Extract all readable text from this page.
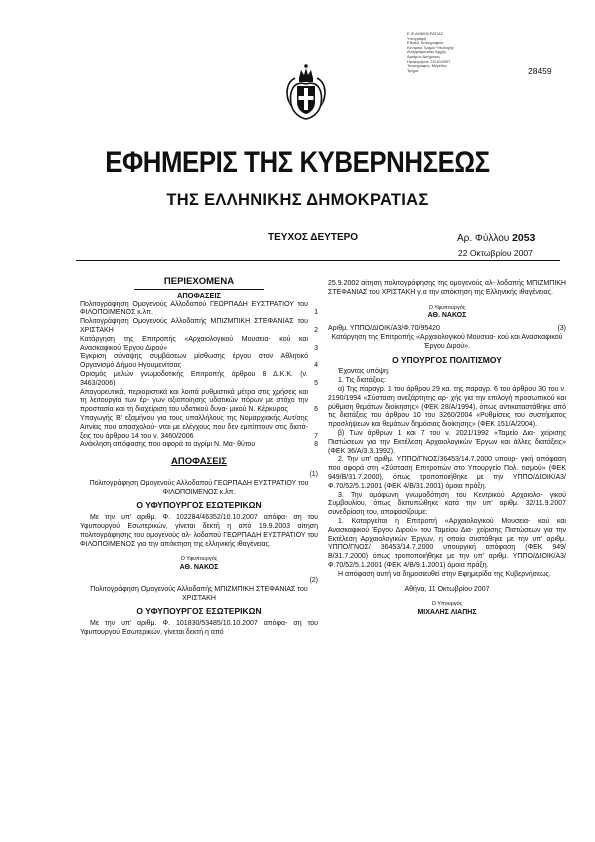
Ε.Φ.ΔΗΜΟΚΡΑΤΙΑΣ
Υπογραφή
Εθνικό Τυπογραφείο
Κεντρικό Τμήμα Υποδοχής
Αναγράφουσας Αρχής
Αριθμός Αιτήματος
Ημερομηνία: 22/10/2007
Τυπογράφος: Μέγεθος
Τμήμα	28459
ΕΦΗΜΕΡΙΣ ΤΗΣ ΚΥΒΕΡΝΗΣΕΩΣ
ΤΗΣ ΕΛΛΗΝΙΚΗΣ ΔΗΜΟΚΡΑΤΙΑΣ
ΤΕΥΧΟΣ ΔΕΥΤΕΡΟ	Αρ. Φύλλου 2053
22 Οκτωβρίου 2007
ΠΕΡΙΕΧΟΜΕΝΑ
ΑΠΟΦΑΣΕΙΣ
Πολιτογράφηση Ομογενούς Αλλοδαπού ΓΕΩΡΠΑΔΗ ΕΥΣΤΡΑΤΙΟΥ του ΦΙΛΟΠΟΙΜΕΝΟΣ κ.λπ.	1
Πολιτογράφηση Ομογενούς Αλλοδαπής ΜΠΙΖΜΠΙΚΗ ΣΤΕΦΑΝΙΑΣ του ΧΡΙΣΤΑΚΗ	2
Κατάργηση της Επιτροπής «Αρχαιολογικού Μουσεια- κού και Ανασκαφικού Έργου Διρού»	3
Έγκριση σύναψης συμβάσεων μίσθωσης έργου στον Αθλητικό Οργανισμό Δήμου Ηγουμενίτσας	4
Ορισμός μελών γνωμοδοτικής Επιτροπής άρθρου 8 Δ.Κ.Κ. (ν. 3463/2006)	5
Απαγορευτικά, περιοριστικά και λοιπά ρυθμιστικά μέτρα στις χρήσεις και τη λειτουργία των έρ- γων αξιοποίησης υδατικών πόρων με στόχο την προστασία και τη διαχείριση του υδατικού δυνα- μικού Ν. Κέρκυρας	6
Υπαγωγής Β' εξαμήνου για τους υπαλλήλους της Νομαρχιακής Αυτ/σης Αιτνίας που απασχολού- νται με ελέγχους που δεν εμπίπτουν στις διατά- ξεις του άρθρου 14 του ν. 3460/2006	7
Ανάκληση απόφασης που αφορά το αγρίμι Ν. Μα- θύτου	8
ΑΠΟΦΑΣΕΙΣ
(1)
Πολιτογράφηση Ομογενούς Αλλοδαπού ΓΕΩΡΠΑΔΗ ΕΥΣΤΡΑΤΙΟΥ του ΦΙΛΟΠΟΙΜΕΝΟΣ κ.λπ.
Ο ΥΦΥΠΟΥΡΓΟΣ ΕΣΩΤΕΡΙΚΩΝ
Με την υπ' αριθμ. Φ. 102284/46352/10.10.2007 απόφα- ση του Υφυπουργού Εσωτερικών, γίνεται δεκτή η από 19.9.2003 αίτηση πολιτογράφησης του ομογενούς αλ- λοδαπού ΓΕΩΡΠΑΔΗ ΕΥΣΤΡΑΤΙΟΥ του ΦΙΛΟΠΟΙΜΕΝΟΣ για την απόκτηση της ελληνικής ιθαγένειας.
Ο Υφυπουργός
ΑΘ. ΝΑΚΟΣ
(2)
Πολιτογράφηση Ομογενούς Αλλοδαπής ΜΠΙΖΜΠΙΚΗ ΣΤΕΦΑΝΙΑΣ του ΧΡΙΣΤΑΚΗ
Ο ΥΦΥΠΟΥΡΓΟΣ ΕΣΩΤΕΡΙΚΩΝ
Με την υπ' αριθμ. Φ. 101830/53485/10.10.2007 απόφα- ση του Υφυπουργού Εσωτερικών, γίνεται δεκτή η από
25.9.2002 αίτηση πολιτογράφησης της ομογενούς αλ- λοδαπής ΜΠΙΖΜΠΙΚΗ ΣΤΕΦΑΝΙΑΣ του ΧΡΙΣΤΑΚΗ γ.α την απόκτηση της Ελληνικής ιθαγένειας.
Ο Υφυπουργός
ΑΘ. ΝΑΚΟΣ
Αριθμ. ΥΠΠΟ/ΔΙΟΙΚ/Α3/Φ.70/95420	(3)
Κατάργηση της Επιτροπής «Αρχαιολογικού Μουσεια- κού και Ανασκαφικού Έργου Διρού».
Ο ΥΠΟΥΡΓΟΣ ΠΟΛΙΤΙΣΜΟΥ
Έχοντας υπόψη:
1. Τις διατάξεις:
α) Της παραγρ. 1 του άρθρου 29 κα. της παραγρ. 6 του άρθρου 30 του ν. 2190/1994 «Σύσταση ανεξάρτητης αρ- χής για την επιλογή προσωπικού και ρύθμιση θεμάτων διοίκησης» (ΦΕΚ 28/Α/1994), όπως αντικαταστάθηκε από τις διατάξεις του άρθρου 10 του 3260/2004 «Ρυθμίσεις του συστήματος προσλήψεων και θεμάτων δημόσιας διοίκησης» (ΦΕΚ 151/Α/2004).
β) Των άρθρων 1 και 7 του ν. 2021/1992 «Ταμείο Δια- χείρισης Πιστώσεων για την Εκτέλεση Αρχαιολογικών Έργων και άλλες διατάξεις» (ΦΕΚ 36/Α/3.3.1992).
2. Την υπ' αριθμ. ΥΠΠΟ/ΓΝΟΣ/36453/14.7.2000 υπουρ- γική απόφαση που αφορά στη «Σύσταση Επιτροπών στο Υπουργείο Πολ. τισμού» (ΦΕΚ 949/Β/31.7.2000), όπως τροποποιήθηκε με την ΥΠΠΟ/ΔΙΟΙΚ/Α3/Φ.70/52/5.1.2001 (ΦΕΚ 4/Β/31.2001) όμοια πράξη.
3. Την ομόφωνη γνωμοδότηση του Κεντρικού Αρχαιολο- γικού Συμβουλίου, όπως διατυπώθηκε κατά την υπ' αριθμ. 32/11.9.2007 συνεδρίαση του, αποφασίζουμε:
1. Καταργείται η Επιτροπή «Αρχαιολογικού Μουσεια- κού και Ανασκαφικού Έργου Διρού» του Ταμείου Δια- χείρισης Πιστώσεων για την Εκτέλεση Αρχαιολογικών Έργων, η οποία συστάθηκε με την υπ' αριθμ. ΥΠΠΟ/ΓΝΟΣ/ 36453/14.7.2000 υπουργική απόφαση (ΦΕΚ 949/Β/31.7.2000) όπως τροποποιήθηκε με την υπ' αριθμ. ΥΠΠΟ/ΔΙΟΙΚ/Α3/ Φ.70/52/5.1.2001 (ΦΕΚ 4/Β/9.1.2001) όμοια πράξη.
Η απόφαση αυτή να δημοσιευθεί στην Εφημερίδα της Κυβερνήσεως.
Αθήνα, 11 Οκτωβρίου 2007
Ο Υπουργός
ΜΙΧΑΛΗΣ ΛΙΑΠΗΣ
